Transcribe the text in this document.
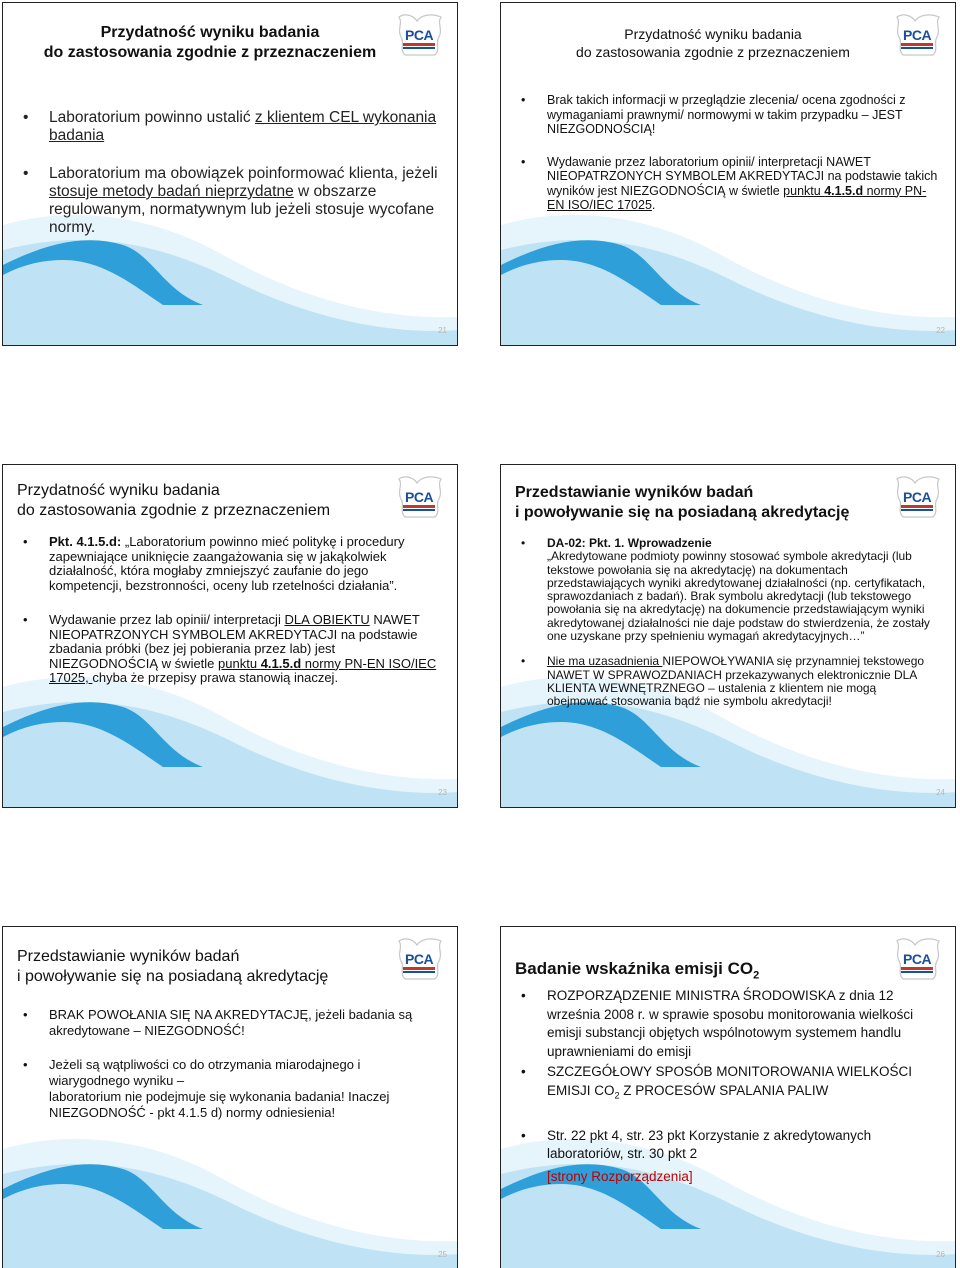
PCA
Przydatność wyniku badania
do zastosowania zgodnie z przeznaczeniem
• Laboratorium powinno ustalić z klientem CEL wykonania badania
• Laboratorium ma obowiązek poinformować klienta, jeżeli stosuje metody badań nieprzydatne w obszarze regulowanym, normatywnym lub jeżeli stosuje wycofane normy.
21
PCA
Przydatność wyniku badania
do zastosowania zgodnie z przeznaczeniem
• Brak takich informacji w przeglądzie zlecenia/ ocena zgodności z wymaganiami prawnymi/ normowymi w takim przypadku – JEST NIEZGODNOŚCIĄ!
• Wydawanie przez laboratorium opinii/ interpretacji NAWET NIEOPATRZONYCH SYMBOLEM AKREDYTACJI na podstawie takich wyników jest NIEZGODNOŚCIĄ w świetle punktu 4.1.5.d normy PN-EN ISO/IEC 17025.
22
PCA
Przydatność wyniku badania
do zastosowania zgodnie z przeznaczeniem
• Pkt. 4.1.5.d: „Laboratorium powinno mieć politykę i procedury zapewniające uniknięcie zaangażowania się w jakąkolwiek działalność, która mogłaby zmniejszyć zaufanie do jego kompetencji, bezstronności, oceny lub rzetelności działania”.
• Wydawanie przez lab opinii/ interpretacji DLA OBIEKTU NAWET NIEOPATRZONYCH SYMBOLEM AKREDYTACJI na podstawie zbadania próbki (bez jej pobierania przez lab) jest NIEZGODNOŚCIĄ w świetle punktu 4.1.5.d normy PN-EN ISO/IEC 17025, chyba że przepisy prawa stanowią inaczej.
23
PCA
Przedstawianie wyników badań
i powoływanie się na posiadaną akredytację
• DA-02: Pkt. 1. Wprowadzenie
„Akredytowane podmioty powinny stosować symbole akredytacji (lub tekstowe powołania się na akredytację) na dokumentach przedstawiających wyniki akredytowanej działalności (np. certyfikatach, sprawozdaniach z badań). Brak symbolu akredytacji (lub tekstowego powołania się na akredytację) na dokumencie przedstawiającym wyniki akredytowanej działalności nie daje podstaw do stwierdzenia, że zostały one uzyskane przy spełnieniu wymagań akredytacyjnych…”
• Nie ma uzasadnienia NIEPOWOŁYWANIA się przynamniej tekstowego NAWET W SPRAWOZDANIACH przekazywanych elektronicznie DLA KLIENTA WEWNĘTRZNEGO – ustalenia z klientem nie mogą obejmować stosowania bądź nie symbolu akredytacji!
24
PCA
Przedstawianie wyników badań
i powoływanie się na posiadaną akredytację
• BRAK POWOŁANIA SIĘ NA AKREDYTACJĘ, jeżeli badania są akredytowane – NIEZGODNOŚĆ!
• Jeżeli są wątpliwości co do otrzymania miarodajnego i wiarygodnego wyniku –
laboratorium nie podejmuje się wykonania badania! Inaczej NIEZGODNOŚĆ - pkt 4.1.5 d) normy odniesienia!
25
PCA
Badanie wskaźnika emisji $CO_2$
• ROZPORZĄDZENIE MINISTRA ŚRODOWISKA z dnia 12 września 2008 r. w sprawie sposobu monitorowania wielkości emisji substancji objętych wspólnotowym systemem handlu uprawnieniami do emisji
• SZCZEGÓŁOWY SPOSÓB MONITOROWANIA WIELKOŚCI EMISJI $CO_2$ Z PROCESÓW SPALANIA PALIW
• Str. 22 pkt 4, str. 23 pkt Korzystanie z akredytowanych laboratoriów, str. 30 pkt 2
[strony Rozporządzenia]
26
